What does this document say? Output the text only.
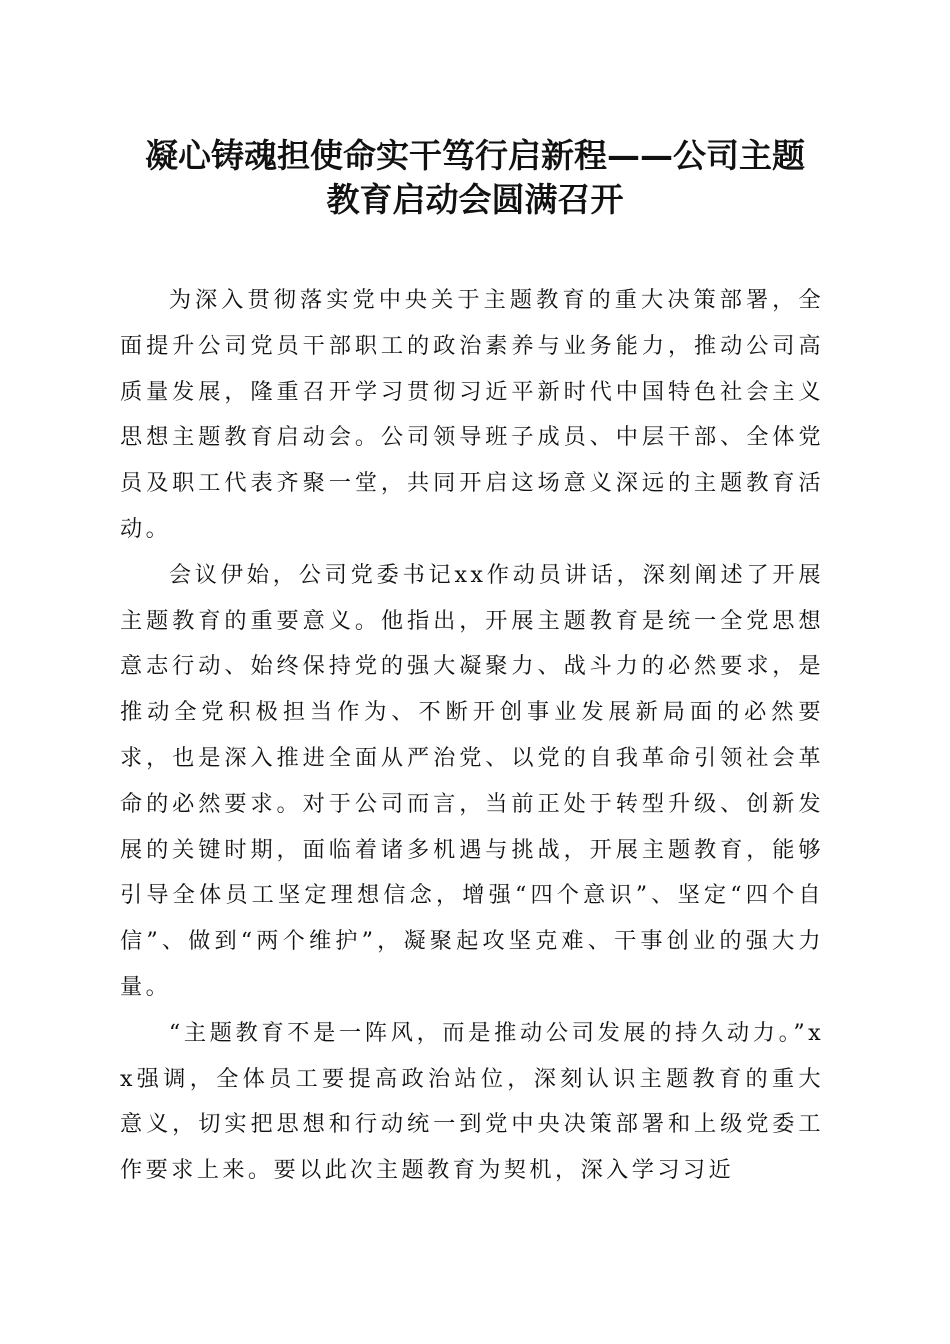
凝心铸魂担使命实干笃行启新程——公司主题
教育启动会圆满召开

为深入贯彻落实党中央关于主题教育的重大决策部署，全面提升公司党员干部职工的政治素养与业务能力，推动公司高质量发展，隆重召开学习贯彻习近平新时代中国特色社会主义思想主题教育启动会。公司领导班子成员、中层干部、全体党员及职工代表齐聚一堂，共同开启这场意义深远的主题教育活动。

会议伊始，公司党委书记xx作动员讲话，深刻阐述了开展主题教育的重要意义。他指出，开展主题教育是统一全党思想意志行动、始终保持党的强大凝聚力、战斗力的必然要求，是推动全党积极担当作为、不断开创事业发展新局面的必然要求，也是深入推进全面从严治党、以党的自我革命引领社会革命的必然要求。对于公司而言，当前正处于转型升级、创新发展的关键时期，面临着诸多机遇与挑战，开展主题教育，能够引导全体员工坚定理想信念，增强“四个意识”、坚定“四个自信”、做到“两个维护”，凝聚起攻坚克难、干事创业的强大力量。

“主题教育不是一阵风，而是推动公司发展的持久动力。”xx强调，全体员工要提高政治站位，深刻认识主题教育的重大意义，切实把思想和行动统一到党中央决策部署和上级党委工作要求上来。要以此次主题教育为契机，深入学习习近
